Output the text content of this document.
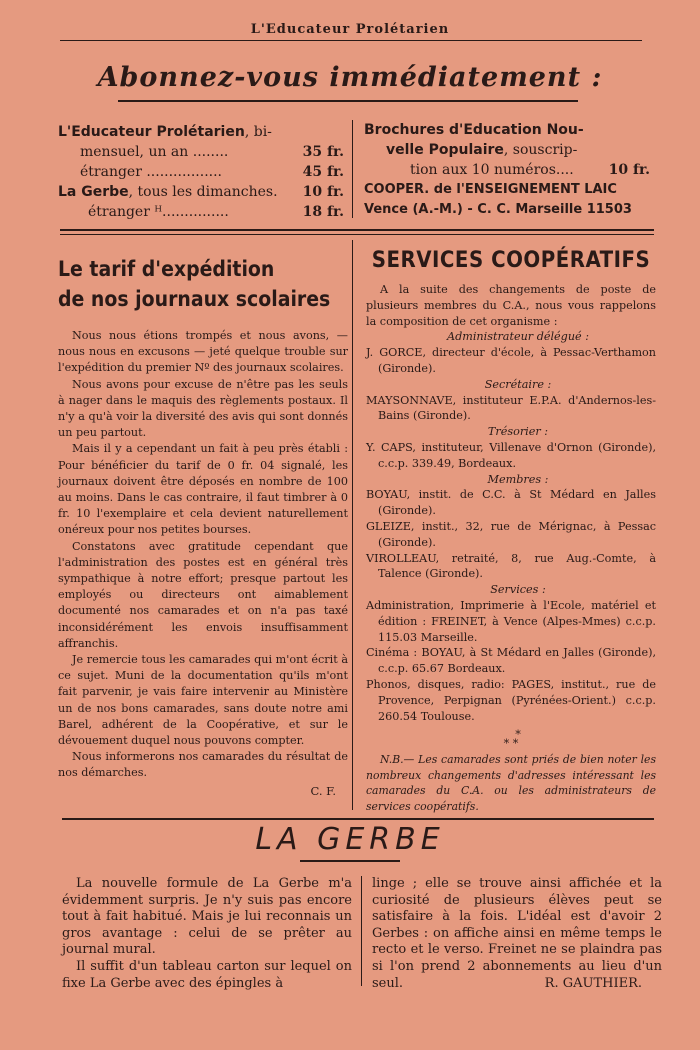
L'Educateur Prolétarien
Abonnez-vous immédiatement :
L'Educateur Prolétarien, bi-
mensuel, un an ........	35 fr.
étranger .................	45 fr.
La Gerbe, tous les dimanches. 10 fr.
étranger ᴴ...............	18 fr.
Brochures d'Education Nou-
velle Populaire, souscrip-
tion aux 10 numéros.... 10 fr.
COOPER. de l'ENSEIGNEMENT LAIC
Vence (A.-M.) - C. C. Marseille 11503
Le tarif d'expédition
de nos journaux scolaires

Nous nous étions trompés et nous avons, — nous nous en excusons — jeté quelque trouble sur l'expédition du premier Nº des journaux scolaires.

Nous avons pour excuse de n'être pas les seuls à nager dans le maquis des règlements postaux. Il n'y a qu'à voir la diversité des avis qui sont donnés un peu partout.

Mais il y a cependant un fait à peu près établi : Pour bénéficier du tarif de 0 fr. 04 signalé, les journaux doivent être déposés en nombre de 100 au moins. Dans le cas contraire, il faut timbrer à 0 fr. 10 l'exemplaire et cela devient naturellement onéreux pour nos petites bourses.

Constatons avec gratitude cependant que l'administration des postes est en général très sympathique à notre effort; presque partout les employés ou directeurs ont aimablement documenté nos camarades et on n'a pas taxé inconsidérément les envois insuffisamment affranchis.

Je remercie tous les camarades qui m'ont écrit à ce sujet. Muni de la documentation qu'ils m'ont fait parvenir, je vais faire intervenir au Ministère un de nos bons camarades, sans doute notre ami Barel, adhérent de la Coopérative, et sur le dévouement duquel nous pouvons compter.

Nous informerons nos camarades du résultat de nos démarches.

C. F.
SERVICES COOPÉRATIFS

A la suite des changements de poste de plusieurs membres du C.A., nous vous rappelons la composition de cet organisme :

Administrateur délégué :

J. GORCE, directeur d'école, à Pessac-Verthamon (Gironde).

Secrétaire :

MAYSONNAVE, instituteur E.P.A. d'Andernos-les-Bains (Gironde).

Trésorier :

Y. CAPS, instituteur, Villenave d'Ornon (Gironde), c.c.p. 339.49, Bordeaux.

Membres :

BOYAU, instit. de C.C. à St Médard en Jalles (Gironde).

GLEIZE, instit., 32, rue de Mérignac, à Pessac (Gironde).

VIROLLEAU, retraité, 8, rue Aug.-Comte, à Talence (Gironde).

Services :

Administration, Imprimerie à l'Ecole, matériel et édition : FREINET, à Vence (Alpes-Mmes) c.c.p. 115.03 Marseille.

Cinéma : BOYAU, à St Médard en Jalles (Gironde), c.c.p. 65.67 Bordeaux.

Phonos, disques, radio: PAGES, institut., rue de Provence, Perpignan (Pyrénées-Orient.) c.c.p. 260.54 Toulouse.

*
* *

N.B.— Les camarades sont priés de bien noter les nombreux changements d'adresses intéressant les camarades du C.A. ou les administrateurs de services coopératifs.

LA GERBE

La nouvelle formule de La Gerbe m'a évidemment surpris. Je n'y suis pas encore tout à fait habitué. Mais je lui reconnais un gros avantage : celui de se prêter au journal mural.

Il suffit d'un tableau carton sur lequel on fixe La Gerbe avec des épingles à

linge ; elle se trouve ainsi affichée et la curiosité de plusieurs élèves peut se satisfaire à la fois. L'idéal est d'avoir 2 Gerbes : on affiche ainsi en même temps le recto et le verso. Freinet ne se plaindra pas si l'on prend 2 abonnements au lieu d'un seul.	R. GAUTHIER.
